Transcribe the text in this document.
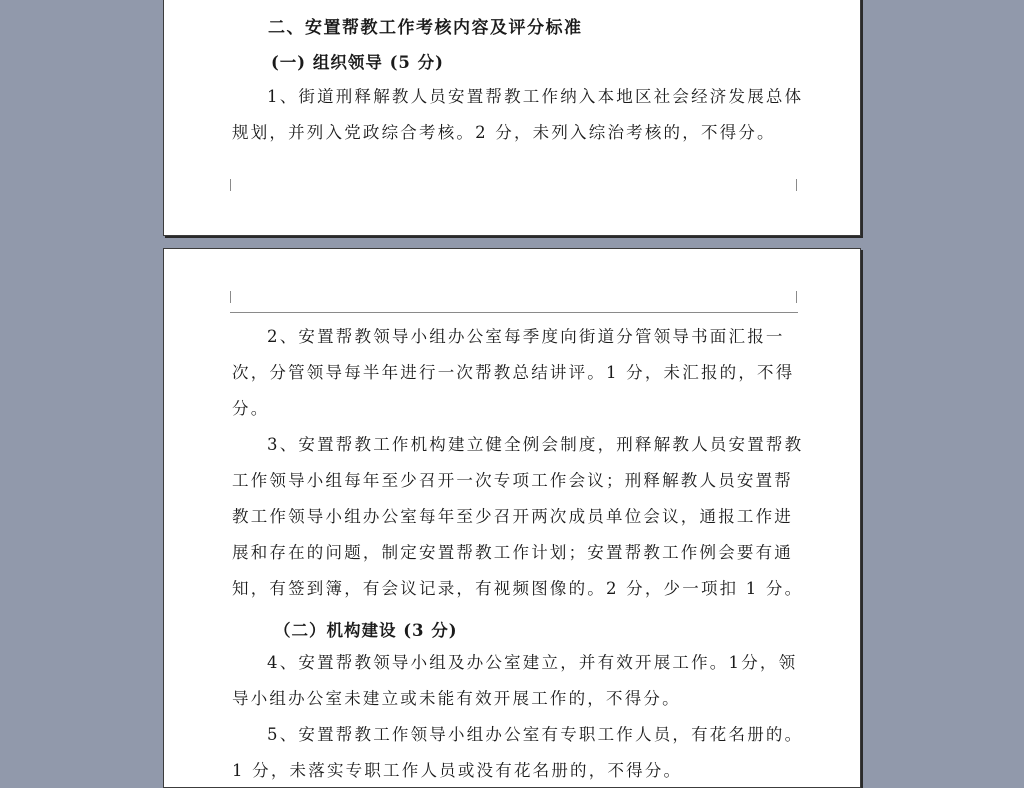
二、安置帮教工作考核内容及评分标准
(一) 组织领导 (5 分)
1、街道刑释解教人员安置帮教工作纳入本地区社会经济发展总体
规划，并列入党政综合考核。2 分，未列入综治考核的，不得分。
2、安置帮教领导小组办公室每季度向街道分管领导书面汇报一
次，分管领导每半年进行一次帮教总结讲评。1 分，未汇报的，不得
分。
3、安置帮教工作机构建立健全例会制度，刑释解教人员安置帮教
工作领导小组每年至少召开一次专项工作会议；刑释解教人员安置帮
教工作领导小组办公室每年至少召开两次成员单位会议，通报工作进
展和存在的问题，制定安置帮教工作计划；安置帮教工作例会要有通
知，有签到簿，有会议记录，有视频图像的。2 分，少一项扣 1 分。
（二）机构建设 (3 分)
4、安置帮教领导小组及办公室建立，并有效开展工作。1分，领
导小组办公室未建立或未能有效开展工作的，不得分。
5、安置帮教工作领导小组办公室有专职工作人员，有花名册的。
1 分，未落实专职工作人员或没有花名册的，不得分。
